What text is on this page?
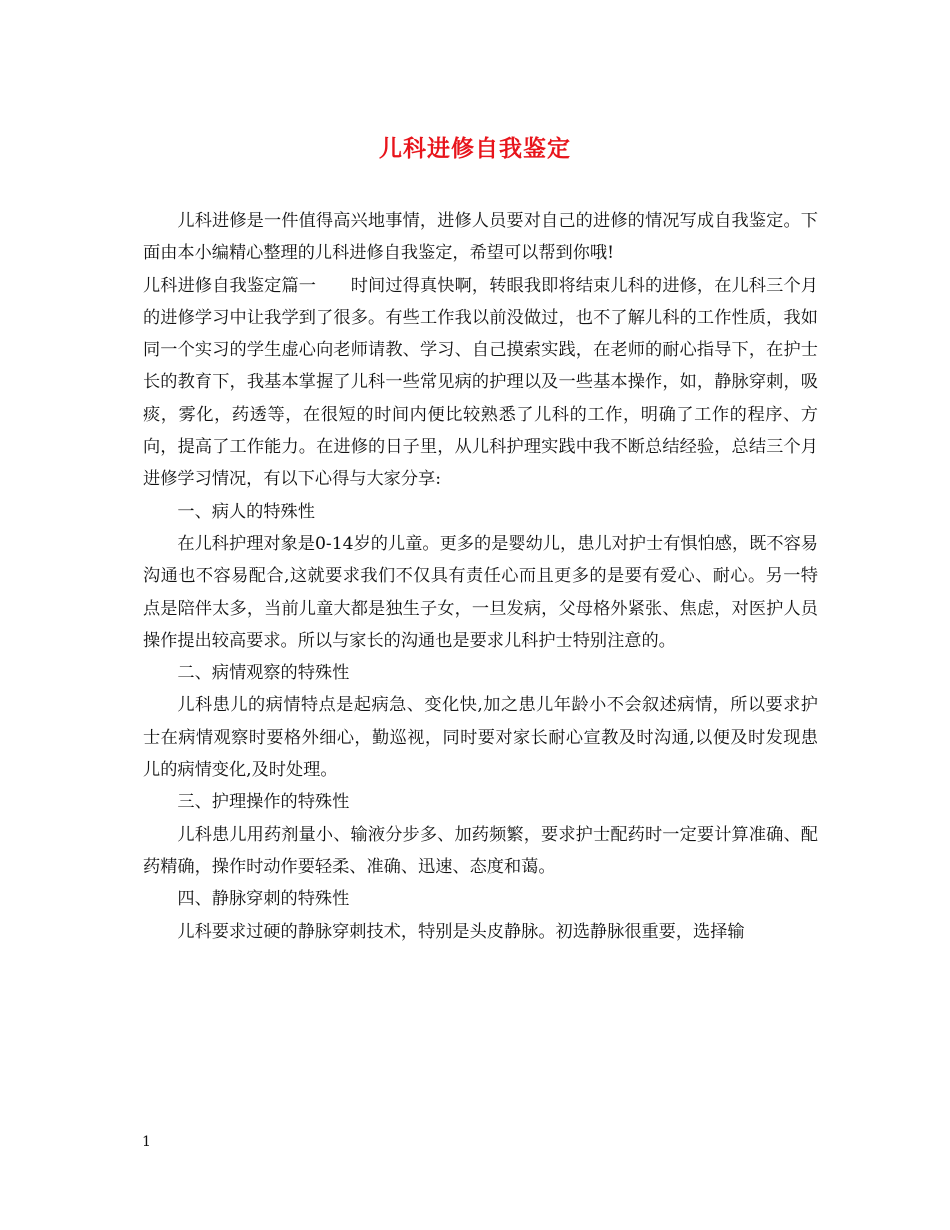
儿科进修自我鉴定

儿科进修是一件值得高兴地事情，进修人员要对自己的进修的情况写成自我鉴定。下面由本小编精心整理的儿科进修自我鉴定，希望可以帮到你哦!

儿科进修自我鉴定篇一　　时间过得真快啊，转眼我即将结束儿科的进修，在儿科三个月的进修学习中让我学到了很多。有些工作我以前没做过，也不了解儿科的工作性质，我如同一个实习的学生虚心向老师请教、学习、自己摸索实践，在老师的耐心指导下，在护士长的教育下，我基本掌握了儿科一些常见病的护理以及一些基本操作，如，静脉穿刺，吸痰，雾化，药透等，在很短的时间内便比较熟悉了儿科的工作，明确了工作的程序、方向，提高了工作能力。在进修的日子里，从儿科护理实践中我不断总结经验，总结三个月进修学习情况，有以下心得与大家分享:

一、病人的特殊性

在儿科护理对象是0-14岁的儿童。更多的是婴幼儿，患儿对护士有惧怕感，既不容易沟通也不容易配合,这就要求我们不仅具有责任心而且更多的是要有爱心、耐心。另一特点是陪伴太多，当前儿童大都是独生子女，一旦发病，父母格外紧张、焦虑，对医护人员操作提出较高要求。所以与家长的沟通也是要求儿科护士特别注意的。

二、病情观察的特殊性

儿科患儿的病情特点是起病急、变化快,加之患儿年龄小不会叙述病情，所以要求护士在病情观察时要格外细心，勤巡视，同时要对家长耐心宣教及时沟通,以便及时发现患儿的病情变化,及时处理。

三、护理操作的特殊性

儿科患儿用药剂量小、输液分步多、加药频繁，要求护士配药时一定要计算准确、配药精确，操作时动作要轻柔、准确、迅速、态度和蔼。

四、静脉穿刺的特殊性

儿科要求过硬的静脉穿刺技术，特别是头皮静脉。初选静脉很重要，选择输

1
